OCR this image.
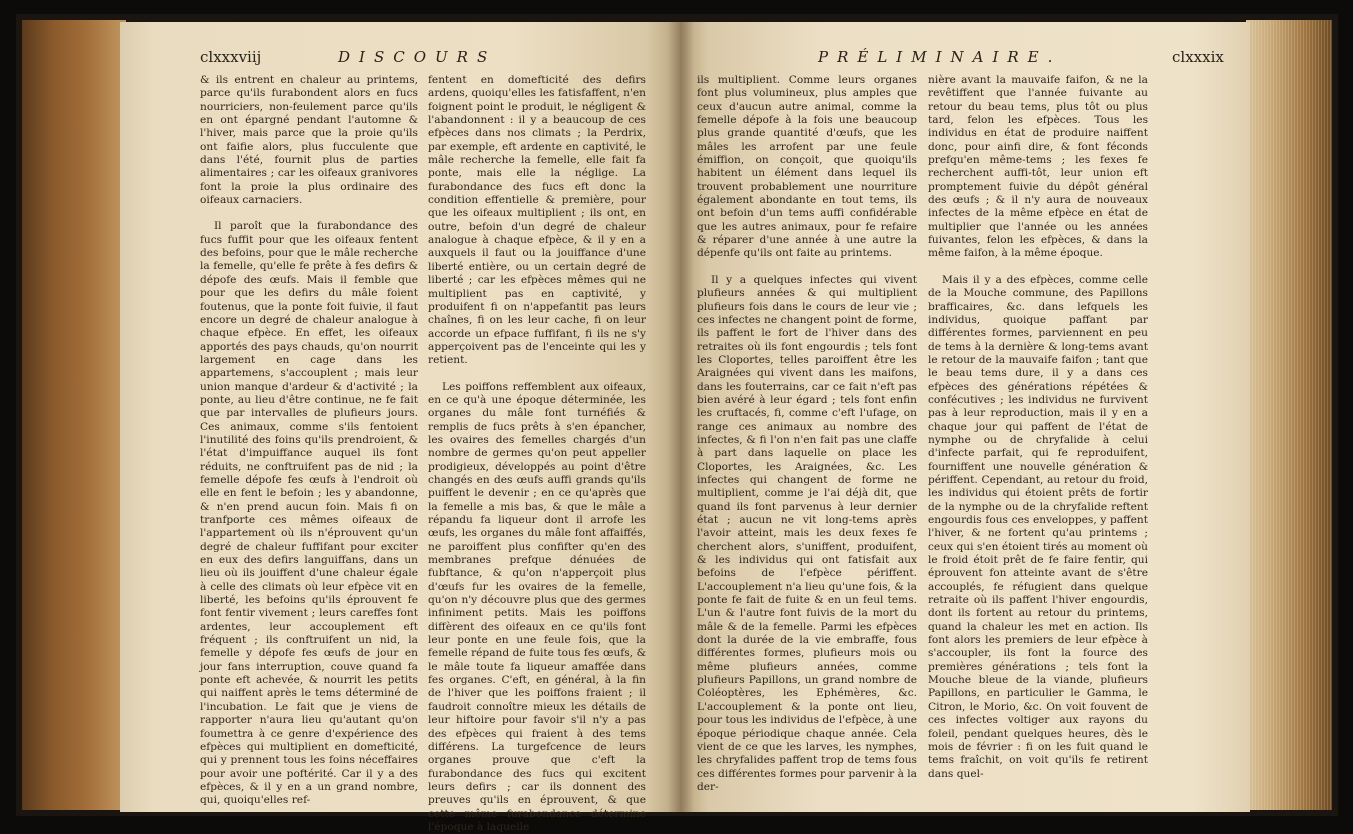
clxxxviij	DISCOURS	PRÉLIMINAIRE.	clxxxix

& ils entrent en chaleur au printems, parce qu'ils furabondent alors en fucs nourriciers, non-feulement parce qu'ils en ont épargné pendant l'automne & l'hiver, mais parce que la proie qu'ils ont faifie alors, plus fucculente que dans l'été, fournit plus de parties alimentaires ; car les oifeaux granivores font la proie la plus ordinaire des oifeaux carnaciers.

Il paroît que la furabondance des fucs fuffit pour que les oifeaux fentent des befoins, pour que le mâle recherche la femelle, qu'elle fe prête à fes defirs & dépofe des œufs. Mais il femble que pour que les defirs du mâle foient foutenus, que la ponte foit fuivie, il faut encore un degré de chaleur analogue à chaque efpèce. En effet, les oifeaux apportés des pays chauds, qu'on nourrit largement en cage dans les appartemens, s'accouplent ; mais leur union manque d'ardeur & d'activité ; la ponte, au lieu d'être continue, ne fe fait que par intervalles de plufieurs jours. Ces animaux, comme s'ils fentoient l'inutilité des foins qu'ils prendroient, & l'état d'impuiffance auquel ils font réduits, ne conftruifent pas de nid ; la femelle dépofe fes œufs à l'endroit où elle en fent le befoin ; les y abandonne, & n'en prend aucun foin. Mais fi on tranfporte ces mêmes oifeaux de l'appartement où ils n'éprouvent qu'un degré de chaleur fuffifant pour exciter en eux des defirs languiffans, dans un lieu où ils jouiffent d'une chaleur égale à celle des climats où leur efpèce vit en liberté, les befoins qu'ils éprouvent fe font fentir vivement ; leurs careffes font ardentes, leur accouplement eft fréquent ; ils conftruifent un nid, la femelle y dépofe fes œufs de jour en jour fans interruption, couve quand fa ponte eft achevée, & nourrit les petits qui naiffent après le tems déterminé de l'incubation. Le fait que je viens de rapporter n'aura lieu qu'autant qu'on foumettra à ce genre d'expérience des efpèces qui multiplient en domefticité, qui y prennent tous les foins néceffaires pour avoir une poftérité. Car il y a des efpèces, & il y en a un grand nombre, qui, quoiqu'elles ref-

fentent en domefticité des defirs ardens, quoiqu'elles les fatisfaffent, n'en foignent point le produit, le négligent & l'abandonnent : il y a beaucoup de ces efpèces dans nos climats ; la Perdrix, par exemple, eft ardente en captivité, le mâle recherche la femelle, elle fait fa ponte, mais elle la néglige. La furabondance des fucs eft donc la condition effentielle & première, pour que les oifeaux multiplient ; ils ont, en outre, befoin d'un degré de chaleur analogue à chaque efpèce, & il y en a auxquels il faut ou la jouiffance d'une liberté entière, ou un certain degré de liberté ; car les efpèces mêmes qui ne multiplient pas en captivité, y produifent fi on n'appefantit pas leurs chaînes, fi on les leur cache, fi on leur accorde un efpace fuffifant, fi ils ne s'y apperçoivent pas de l'enceinte qui les y retient.

Les poiffons reffemblent aux oifeaux, en ce qu'à une époque déterminée, les organes du mâle font turnéfiés & remplis de fucs prêts à s'en épancher, les ovaires des femelles chargés d'un nombre de germes qu'on peut appeller prodigieux, développés au point d'être changés en des œufs auffi grands qu'ils puiffent le devenir ; en ce qu'après que la femelle a mis bas, & que le mâle a répandu fa liqueur dont il arrofe les œufs, les organes du mâle font affaiffés, ne paroiffent plus confifter qu'en des membranes prefque dénuées de fubftance, & qu'on n'apperçoit plus d'œufs fur les ovaires de la femelle, qu'on n'y découvre plus que des germes infiniment petits. Mais les poiffons diffèrent des oifeaux en ce qu'ils font leur ponte en une feule fois, que la femelle répand de fuite tous fes œufs, & le mâle toute fa liqueur amaffée dans fes organes. C'eft, en général, à la fin de l'hiver que les poiffons fraient ; il faudroit connoître mieux les détails de leur hiftoire pour favoir s'il n'y a pas des efpèces qui fraient à des tems différens. La turgefcence de leurs organes prouve que c'eft la furabondance des fucs qui excitent leurs defirs ; car ils donnent des preuves qu'ils en éprouvent, & que cette même furabondance détermine l'époque à laquelle

ils multiplient. Comme leurs organes font plus volumineux, plus amples que ceux d'aucun autre animal, comme la femelle dépofe à la fois une beaucoup plus grande quantité d'œufs, que les mâles les arrofent par une feule émiffion, on conçoit, que quoiqu'ils habitent un élément dans lequel ils trouvent probablement une nourriture également abondante en tout tems, ils ont befoin d'un tems auffi confidérable que les autres animaux, pour fe refaire & réparer d'une année à une autre la dépenfe qu'ils ont faite au printems.

Il y a quelques infectes qui vivent plufieurs années & qui multiplient plufieurs fois dans le cours de leur vie ; ces infectes ne changent point de forme, ils paffent le fort de l'hiver dans des retraites où ils font engourdis ; tels font les Cloportes, telles paroiffent être les Araignées qui vivent dans les maifons, dans les fouterrains, car ce fait n'eft pas bien avéré à leur égard ; tels font enfin les cruftacés, fi, comme c'eft l'ufage, on range ces animaux au nombre des infectes, & fi l'on n'en fait pas une claffe à part dans laquelle on place les Cloportes, les Araignées, &c. Les infectes qui changent de forme ne multiplient, comme je l'ai déjà dit, que quand ils font parvenus à leur dernier état ; aucun ne vit long-tems après l'avoir atteint, mais les deux fexes fe cherchent alors, s'uniffent, produifent, & les individus qui ont fatisfait aux befoins de l'efpèce périffent. L'accouplement n'a lieu qu'une fois, & la ponte fe fait de fuite & en un feul tems. L'un & l'autre font fuivis de la mort du mâle & de la femelle. Parmi les efpèces dont la durée de la vie embraffe, fous différentes formes, plufieurs mois ou même plufieurs années, comme plufieurs Papillons, un grand nombre de Coléoptères, les Ephémères, &c. L'accouplement & la ponte ont lieu, pour tous les individus de l'efpèce, à une époque périodique chaque année. Cela vient de ce que les larves, les nymphes, les chryfalides paffent trop de tems fous ces différentes formes pour parvenir à la der-

nière avant la mauvaife faifon, & ne la revêtiffent que l'année fuivante au retour du beau tems, plus tôt ou plus tard, felon les efpèces. Tous les individus en état de produire naiffent donc, pour ainfi dire, & font féconds prefqu'en même-tems ; les fexes fe recherchent auffi-tôt, leur union eft promptement fuivie du dépôt général des œufs ; & il n'y aura de nouveaux infectes de la même efpèce en état de multiplier que l'année ou les années fuivantes, felon les efpèces, & dans la même faifon, à la même époque.

Mais il y a des efpèces, comme celle de la Mouche commune, des Papillons brafficaires, &c. dans lefquels les individus, quoique paffant par différentes formes, parviennent en peu de tems à la dernière & long-tems avant le retour de la mauvaife faifon ; tant que le beau tems dure, il y a dans ces efpèces des générations répétées & confécutives ; les individus ne furvivent pas à leur reproduction, mais il y en a chaque jour qui paffent de l'état de nymphe ou de chryfalide à celui d'infecte parfait, qui fe reproduifent, fourniffent une nouvelle génération & périffent. Cependant, au retour du froid, les individus qui étoient prêts de fortir de la nymphe ou de la chryfalide reftent engourdis fous ces enveloppes, y paffent l'hiver, & ne fortent qu'au printems ; ceux qui s'en étoient tirés au moment où le froid étoit prêt de fe faire fentir, qui éprouvent fon atteinte avant de s'être accouplés, fe réfugient dans quelque retraite où ils paffent l'hiver engourdis, dont ils fortent au retour du printems, quand la chaleur les met en action. Ils font alors les premiers de leur efpèce à s'accoupler, ils font la fource des premières générations ; tels font la Mouche bleue de la viande, plufieurs Papillons, en particulier le Gamma, le Citron, le Morio, &c. On voit fouvent de ces infectes voltiger aux rayons du foleil, pendant quelques heures, dès le mois de février : fi on les fuit quand le tems fraîchit, on voit qu'ils fe retirent dans quel-
